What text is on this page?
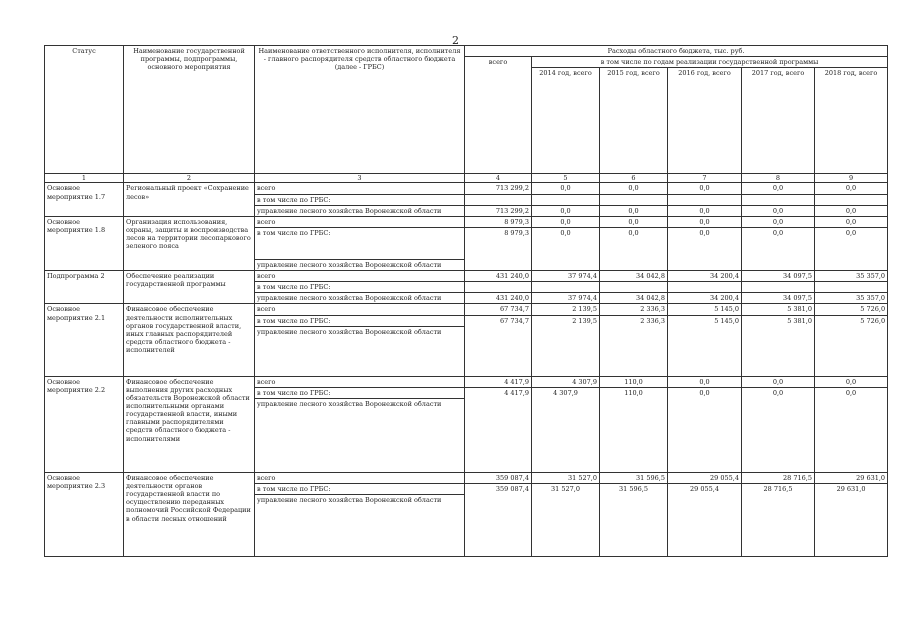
2
Статус	Наименование государственной программы, подпрограммы, основного мероприятия	Наименование ответственного исполнителя, исполнителя - главного распорядителя средств областного бюджета (далее - ГРБС)	Расходы областного бюджета, тыс. руб.					
			всего	в том числе по годам реализации государственной программы				
				2014 год, всего	2015 год, всего	2016 год, всего	2017 год, всего	2018 год, всего
1	2	3	4	5	6	7	8	9
Основное мероприятие 1.7	Региональный проект «Сохранение лесов»	всего	713 299,2	0,0	0,0	0,0	0,0	0,0
		в том числе по ГРБС:						
		управление лесного хозяйства Воронежской области	713 299,2	0,0	0,0	0,0	0,0	0,0
Основное мероприятие 1.8	Организация использования, охраны, защиты и воспроизводства лесов на территории лесопаркового зеленого пояса	всего	8 979,3	0,0	0,0	0,0	0,0	0,0
		в том числе по ГРБС:	8 979,3	0,0	0,0	0,0	0,0	0,0
		управление лесного хозяйства Воронежской области						
Подпрограмма 2	Обеспечение реализации государственной программы	всего	431 240,0	37 974,4	34 042,8	34 200,4	34 097,5	35 357,0
		в том числе по ГРБС:						
		управление лесного хозяйства Воронежской области	431 240,0	37 974,4	34 042,8	34 200,4	34 097,5	35 357,0
Основное мероприятие 2.1	Финансовое обеспечение деятельности исполнительных органов государственной власти, иных главных распорядителей средств областного бюджета - исполнителей	всего	67 734,7	2 139,5	2 336,3	5 145,0	5 381,0	5 726,0
		в том числе по ГРБС:	67 734,7	2 139,5	2 336,3	5 145,0	5 381,0	5 726,0
		управление лесного хозяйства Воронежской области						
Основное мероприятие 2.2	Финансовое обеспечение выполнения других расходных обязательств Воронежской области исполнительными органами государственной власти, иными главными распорядителями средств областного бюджета - исполнителями	всего	4 417,9	4 307,9	110,0	0,0	0,0	0,0
		в том числе по ГРБС:	4 417,9	4 307,9	110,0	0,0	0,0	0,0
		управление лесного хозяйства Воронежской области						
Основное мероприятие 2.3	Финансовое обеспечение деятельности органов государственной власти по осуществлению переданных полномочий Российской Федерации в области лесных отношений	всего	359 087,4	31 527,0	31 596,5	29 055,4	28 716,5	29 631,0
		в том числе по ГРБС:	359 087,4	31 527,0	31 596,5	29 055,4	28 716,5	29 631,0
		управление лесного хозяйства Воронежской области						
